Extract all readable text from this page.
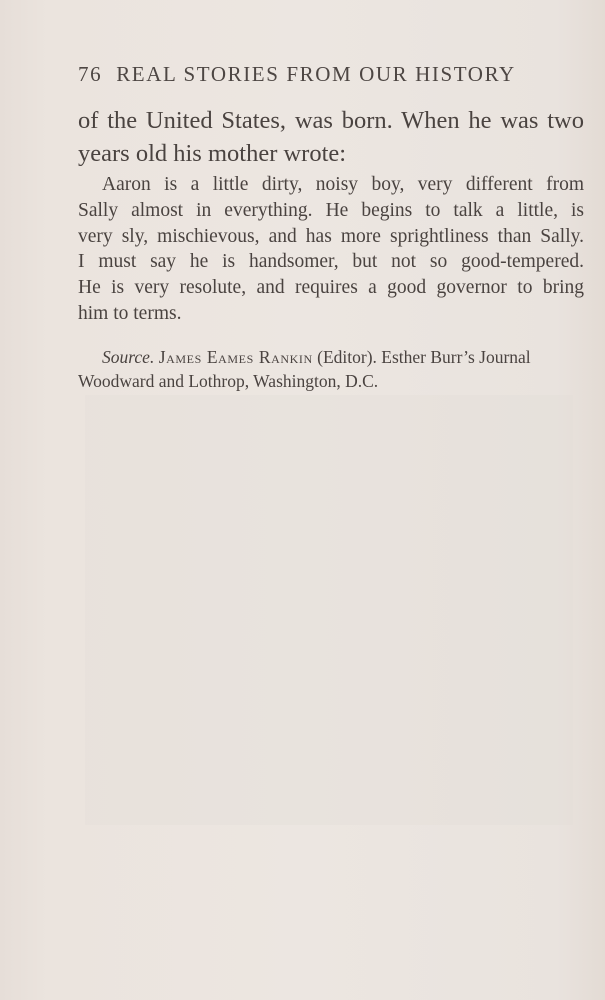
76 REAL STORIES FROM OUR HISTORY
of the United States, was born. When he was two
years old his mother wrote:
Aaron is a little dirty, noisy boy, very different from
Sally almost in everything. He begins to talk a little, is
very sly, mischievous, and has more sprightliness than Sally.
I must say he is handsomer, but not so good-tempered.
He is very resolute, and requires a good governor to bring
him to terms.
Source. James Eames Rankin (Editor). Esther Burr’s Journal
Woodward and Lothrop, Washington, D.C.
